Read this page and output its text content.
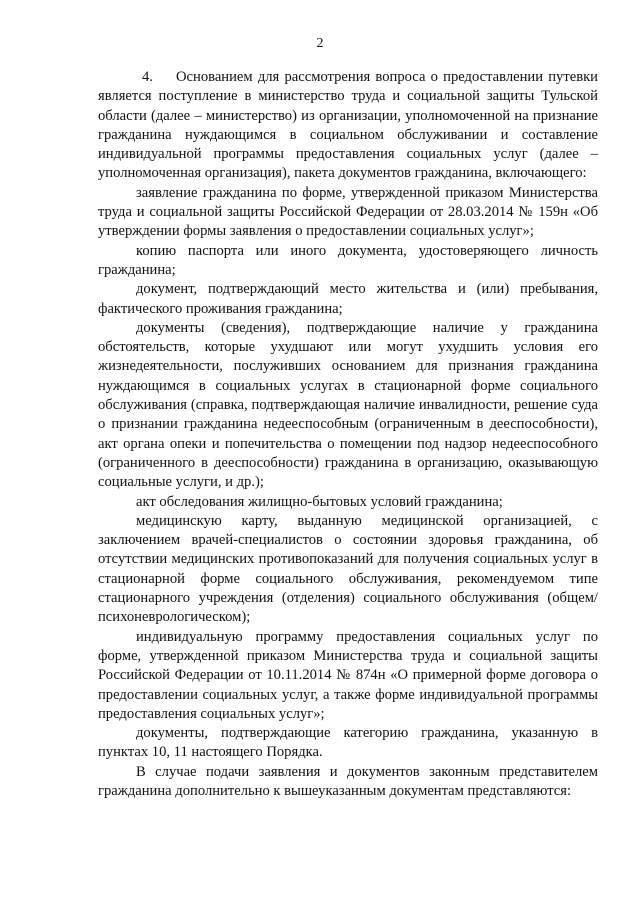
2

4. Основанием для рассмотрения вопроса о предоставлении путевки является поступление в министерство труда и социальной защиты Тульской области (далее – министерство) из организации, уполномоченной на признание гражданина нуждающимся в социальном обслуживании и составление индивидуальной программы предоставления социальных услуг (далее – уполномоченная организация), пакета документов гражданина, включающего:

заявление гражданина по форме, утвержденной приказом Министерства труда и социальной защиты Российской Федерации от 28.03.2014 № 159н «Об утверждении формы заявления о предоставлении социальных услуг»;

копию паспорта или иного документа, удостоверяющего личность гражданина;

документ, подтверждающий место жительства и (или) пребывания, фактического проживания гражданина;

документы (сведения), подтверждающие наличие у гражданина обстоятельств, которые ухудшают или могут ухудшить условия его жизнедеятельности, послуживших основанием для признания гражданина нуждающимся в социальных услугах в стационарной форме социального обслуживания (справка, подтверждающая наличие инвалидности, решение суда о признании гражданина недееспособным (ограниченным в дееспособности), акт органа опеки и попечительства о помещении под надзор недееспособного (ограниченного в дееспособности) гражданина в организацию, оказывающую социальные услуги, и др.);

акт обследования жилищно-бытовых условий гражданина;

медицинскую карту, выданную медицинской организацией, с заключением врачей-специалистов о состоянии здоровья гражданина, об отсутствии медицинских противопоказаний для получения социальных услуг в стационарной форме социального обслуживания, рекомендуемом типе стационарного учреждения (отделения) социального обслуживания (общем/психоневрологическом);

индивидуальную программу предоставления социальных услуг по форме, утвержденной приказом Министерства труда и социальной защиты Российской Федерации от 10.11.2014 № 874н «О примерной форме договора о предоставлении социальных услуг, а также форме индивидуальной программы предоставления социальных услуг»;

документы, подтверждающие категорию гражданина, указанную в пунктах 10, 11 настоящего Порядка.

В случае подачи заявления и документов законным представителем гражданина дополнительно к вышеуказанным документам представляются:
